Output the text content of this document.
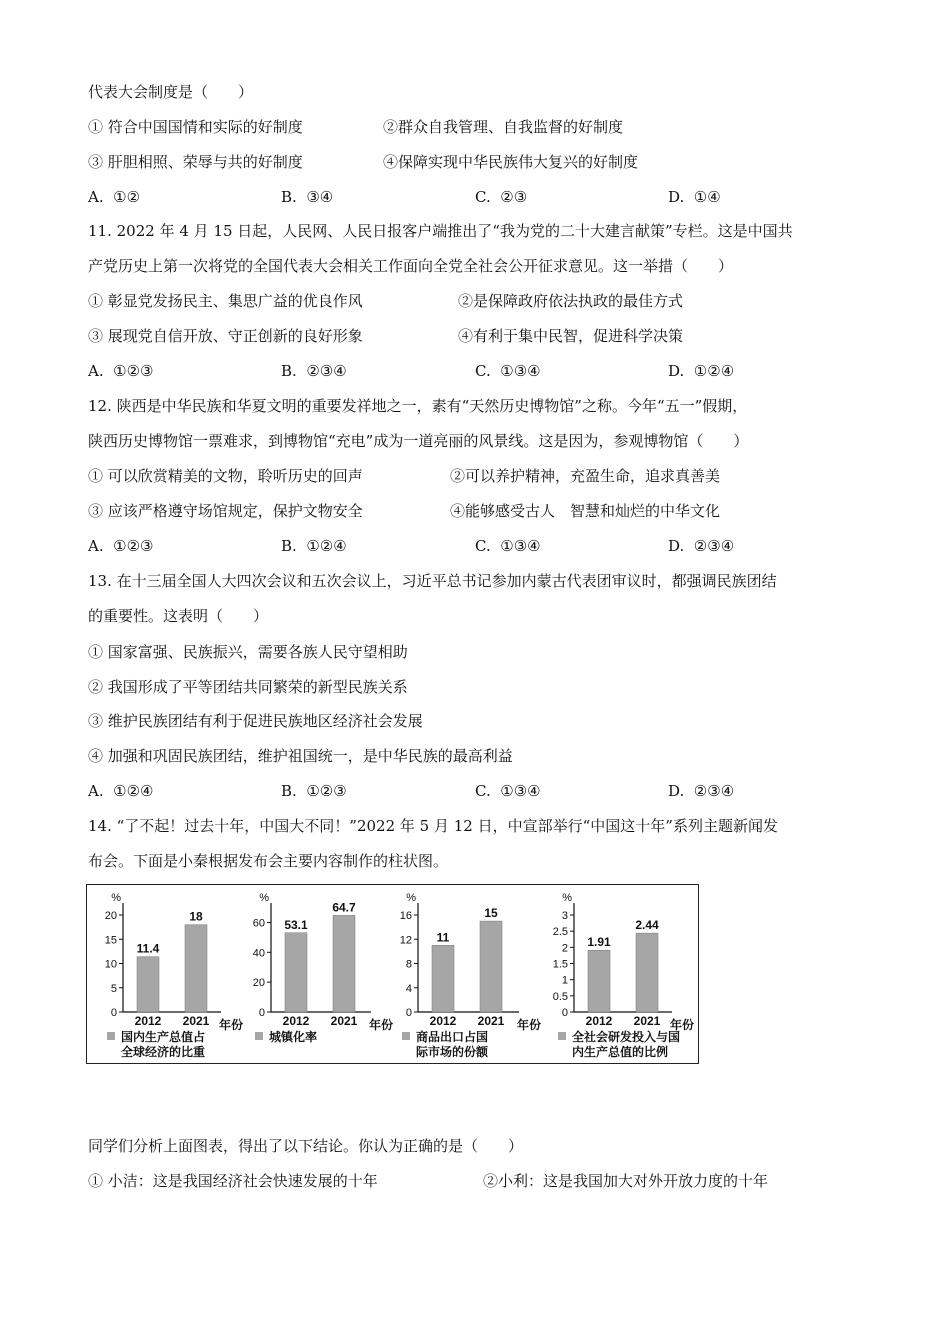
代表大会制度是（　　）
① 符合中国国情和实际的好制度	②群众自我管理、自我监督的好制度
③ 肝胆相照、荣辱与共的好制度	④保障实现中华民族伟大复兴的好制度
A.  ①②	B.  ③④	C.  ②③	D.  ①④
11. 2022 年 4 月 15 日起，人民网、人民日报客户端推出了“我为党的二十大建言献策”专栏。这是中国共
产党历史上第一次将党的全国代表大会相关工作面向全党全社会公开征求意见。这一举措（　　）
① 彰显党发扬民主、集思广益的优良作风	②是保障政府依法执政的最佳方式
③ 展现党自信开放、守正创新的良好形象	④有利于集中民智，促进科学决策
A.  ①②③	B.  ②③④	C.  ①③④	D.  ①②④
12. 陕西是中华民族和华夏文明的重要发祥地之一，素有“天然历史博物馆”之称。今年“五一”假期，
陕西历史博物馆一票难求，到博物馆“充电”成为一道亮丽的风景线。这是因为，参观博物馆（　　）
① 可以欣赏精美的文物，聆听历史的回声	②可以养护精神，充盈生命，追求真善美
③ 应该严格遵守场馆规定，保护文物安全	④能够感受古人　智慧和灿烂的中华文化
A.  ①②③	B.  ①②④	C.  ①③④	D.  ②③④
13. 在十三届全国人大四次会议和五次会议上，习近平总书记参加内蒙古代表团审议时，都强调民族团结
的重要性。这表明（　　）
① 国家富强、民族振兴，需要各族人民守望相助
② 我国形成了平等团结共同繁荣的新型民族关系
③ 维护民族团结有利于促进民族地区经济社会发展
④ 加强和巩固民族团结，维护祖国统一，是中华民族的最高利益
A.  ①②④	B.  ①②③	C.  ①③④	D.  ②③④
14. “了不起！过去十年，中国大不同！”2022 年 5 月 12 日，中宣部举行“中国这十年”系列主题新闻发
布会。下面是小秦根据发布会主要内容制作的柱状图。
%
0
5
10
15
20
11.4
2012
18
2021 年份
国内生产总值占
全球经济的比重
%
0
20
40
60 53.1
2012
64.7
2021 年份
城镇化率
%
0
4
8
12
16
11
2012
15
2021 年份
商品出口占国
际市场的份额
%
0
0.5
1
1.5
2
2.5
3
1.91
2012
2.44
2021 年份
全社会研发投入与国
内生产总值的比例
同学们分析上面图表，得出了以下结论。你认为正确的是（　　）
① 小洁：这是我国经济社会快速发展的十年	②小利：这是我国加大对外开放力度的十年
